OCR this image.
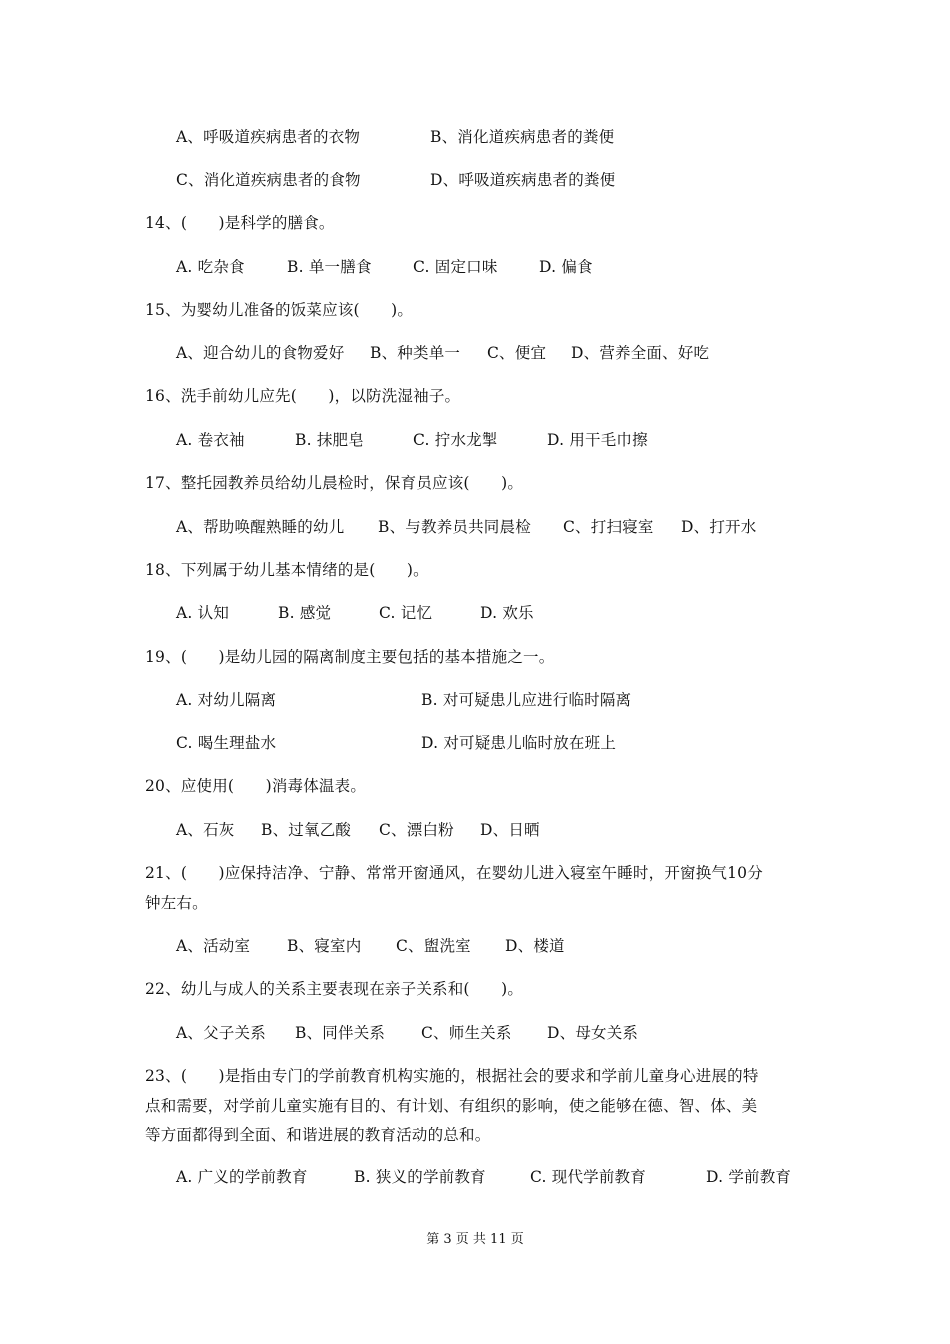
A、呼吸道疾病患者的衣物	B、消化道疾病患者的粪便
C、消化道疾病患者的食物	D、呼吸道疾病患者的粪便
14、(　　)是科学的膳食。
A. 吃杂食	B. 单一膳食	C. 固定口味	D. 偏食
15、为婴幼儿准备的饭菜应该(　　)。
A、迎合幼儿的食物爱好 B、种类单一 C、便宜 D、营养全面、好吃
16、洗手前幼儿应先(　　)，以防洗湿袖子。
A. 卷衣袖	B. 抹肥皂	C. 拧水龙掣	D. 用干毛巾擦
17、整托园教养员给幼儿晨检时，保育员应该(　　)。
A、帮助唤醒熟睡的幼儿 B、与教养员共同晨检 C、打扫寝室 D、打开水
18、下列属于幼儿基本情绪的是(　　)。
A. 认知	B. 感觉	C. 记忆	D. 欢乐
19、(　　)是幼儿园的隔离制度主要包括的基本措施之一。
A. 对幼儿隔离	B. 对可疑患儿应进行临时隔离
C. 喝生理盐水	D. 对可疑患儿临时放在班上
20、应使用(　　)消毒体温表。
A、石灰 B、过氧乙酸 C、漂白粉 D、日晒
21、(　　)应保持洁净、宁静、常常开窗通风，在婴幼儿进入寝室午睡时，开窗换气10分
钟左右。
A、活动室 B、寝室内 C、盥洗室 D、楼道
22、幼儿与成人的关系主要表现在亲子关系和(　　)。
A、父子关系 B、同伴关系 C、师生关系 D、母女关系
23、(　　)是指由专门的学前教育机构实施的，根据社会的要求和学前儿童身心进展的特
点和需要，对学前儿童实施有目的、有计划、有组织的影响，使之能够在德、智、体、美
等方面都得到全面、和谐进展的教育活动的总和。
A. 广义的学前教育	B. 狭义的学前教育	C. 现代学前教育	D. 学前教育
第 3 页 共 11 页
